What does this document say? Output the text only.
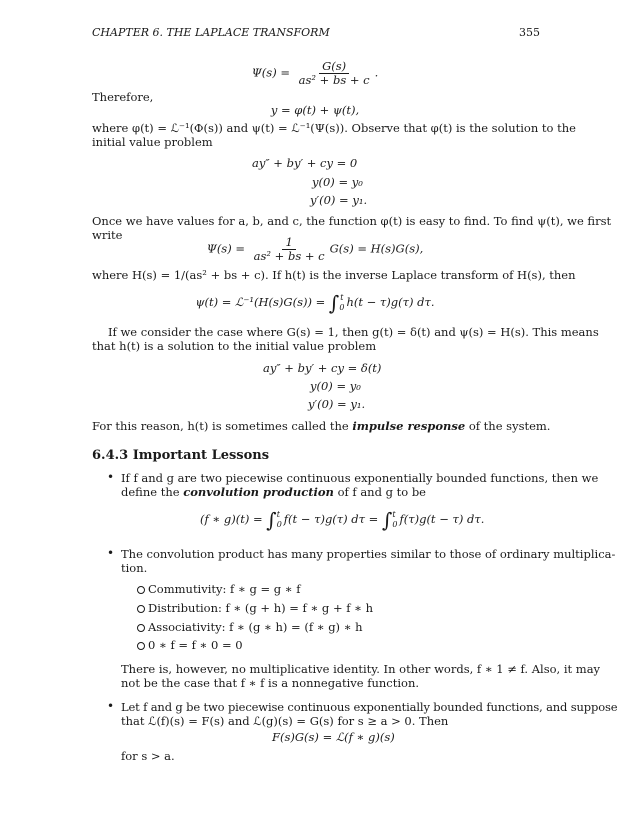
CHAPTER 6. THE LAPLACE TRANSFORM	355
$\Psi(s) = \frac{G(s)}{\text{as² + bs + c}}$ .
Therefore,
y = φ(t) + ψ(t),
where φ(t) = ℒ⁻¹(Φ(s)) and ψ(t) = ℒ⁻¹(Ψ(s)). Observe that φ(t) is the solution to the
initial value problem
ay″ + by′ + cy = 0
y(0) = y₀
y′(0) = y₁.
Once we have values for a, b, and c, the function φ(t) is easy to find. To find ψ(t), we first
write
$\Psi(s) = \frac{1}{\text{as² + bs + c}} G(s) = H(s)G(s)$,
where H(s) = 1/(as² + bs + c). If h(t) is the inverse Laplace transform of H(s), then
ψ(t) = ℒ⁻¹(H(s)G(s)) = ∫ t
0 h(t − τ)g(τ) dτ.
If we consider the case where G(s) = 1, then g(t) = δ(t) and ψ(s) = H(s). This means
that h(t) is a solution to the initial value problem
ay″ + by′ + cy = δ(t)
y(0) = y₀
y′(0) = y₁.
For this reason, h(t) is sometimes called the impulse response of the system.
6.4.3 Important Lessons
• If f and g are two piecewise continuous exponentially bounded functions, then we
define the convolution production of f and g to be
(f ∗ g)(t) = ∫ t
0 f(t − τ)g(τ) dτ = ∫ t
0 f(τ)g(t − τ) dτ.
• The convolution product has many properties similar to those of ordinary multiplica-
tion.
Commutivity: f ∗ g = g ∗ f
Distribution: f ∗ (g + h) = f ∗ g + f ∗ h
Associativity: f ∗ (g ∗ h) = (f ∗ g) ∗ h
0 ∗ f = f ∗ 0 = 0
There is, however, no multiplicative identity. In other words, f ∗ 1 ≠ f. Also, it may
not be the case that f ∗ f is a nonnegative function.
• Let f and g be two piecewise continuous exponentially bounded functions, and suppose
that ℒ(f)(s) = F(s) and ℒ(g)(s) = G(s) for s ≥ a > 0. Then
F(s)G(s) = ℒ(f ∗ g)(s)
for s > a.
